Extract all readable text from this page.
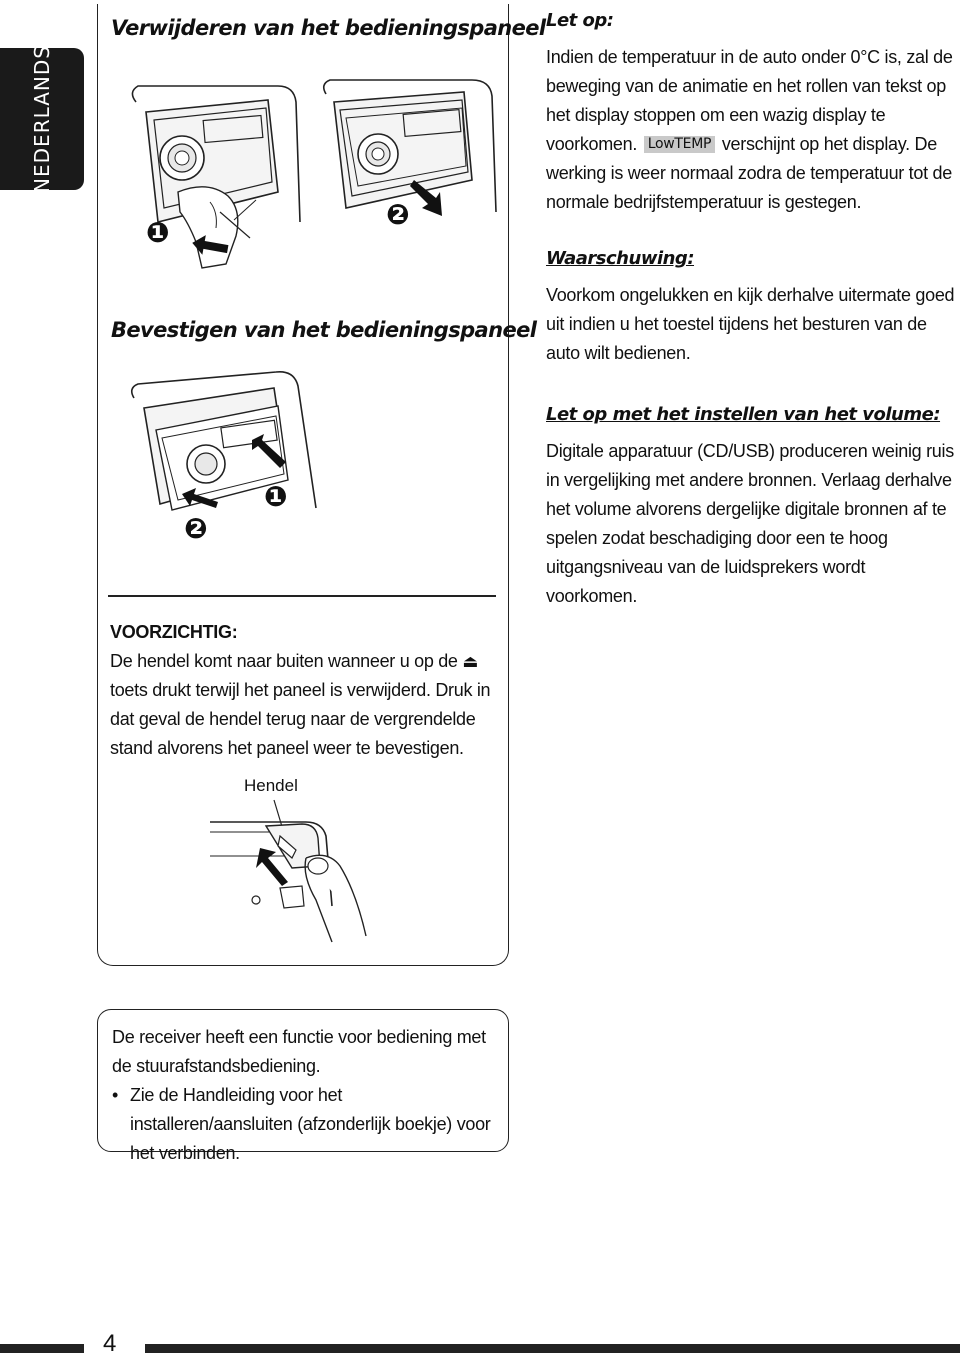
NEDERLANDS
Verwijderen van het bedieningspaneel
❶
❷
Bevestigen van het bedieningspaneel
❶
❷
VOORZICHTIG:
De hendel komt naar buiten wanneer u op de ⏏ toets drukt terwijl het paneel is verwijderd. Druk in dat geval de hendel terug naar de vergrendelde stand alvorens het paneel weer te bevestigen.
Hendel
De receiver heeft een functie voor bediening met de stuurafstandsbediening.
• Zie de Handleiding voor het installeren/aansluiten (afzonderlijk boekje) voor het verbinden.
Let op:

Indien de temperatuur in de auto onder 0°C is, zal de beweging van de animatie en het rollen van tekst op het display stoppen om een wazig display te voorkomen. LowTEMP verschijnt op het display. De werking is weer normaal zodra de temperatuur tot de normale bedrijfstemperatuur is gestegen.

Waarschuwing:

Voorkom ongelukken en kijk derhalve uitermate goed uit indien u het toestel tijdens het besturen van de auto wilt bedienen.

Let op met het instellen van het volume:

Digitale apparatuur (CD/USB) produceren weinig ruis in vergelijking met andere bronnen. Verlaag derhalve het volume alvorens dergelijke digitale bronnen af te spelen zodat beschadiging door een te hoog uitgangsniveau van de luidsprekers wordt voorkomen.

4
